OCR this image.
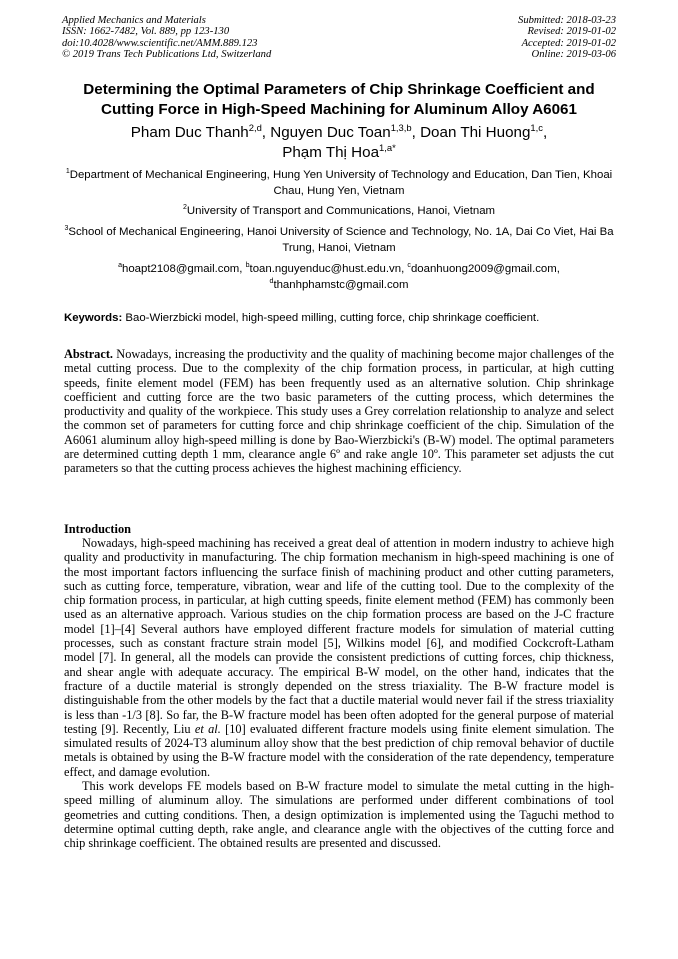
Applied Mechanics and Materials
ISSN: 1662-7482, Vol. 889, pp 123-130
doi:10.4028/www.scientific.net/AMM.889.123
© 2019 Trans Tech Publications Ltd, Switzerland
Submitted: 2018-03-23
Revised: 2019-01-02
Accepted: 2019-01-02
Online: 2019-03-06
Determining the Optimal Parameters of Chip Shrinkage Coefficient and
Cutting Force in High-Speed Machining for Aluminum Alloy A6061
Pham Duc Thanh$^{2,d}$, Nguyen Duc Toan$^{1,3,b}$, Doan Thi Huong$^{1,c}$,
Phạm Thị Hoa$^{1,a*}$
$^1$Department of Mechanical Engineering, Hung Yen University of Technology and Education, Dan Tien, Khoai Chau, Hung Yen, Vietnam
$^2$University of Transport and Communications, Hanoi, Vietnam
$^3$School of Mechanical Engineering, Hanoi University of Science and Technology, No. 1A, Dai Co Viet, Hai Ba Trung, Hanoi, Vietnam
$^a$hoapt2108@gmail.com, $^b$toan.nguyenduc@hust.edu.vn, $^c$doanhuong2009@gmail.com,
$^d$thanhphamstc@gmail.com
Keywords: Bao-Wierzbicki model, high-speed milling, cutting force, chip shrinkage coefficient.
Abstract. Nowadays, increasing the productivity and the quality of machining become major challenges of the metal cutting process. Due to the complexity of the chip formation process, in particular, at high cutting speeds, finite element model (FEM) has been frequently used as an alternative solution. Chip shrinkage coefficient and cutting force are the two basic parameters of the cutting process, which determines the productivity and quality of the workpiece. This study uses a Grey correlation relationship to analyze and select the common set of parameters for cutting force and chip shrinkage coefficient of the chip. Simulation of the A6061 aluminum alloy high-speed milling is done by Bao-Wierzbicki's (B-W) model. The optimal parameters are determined cutting depth 1 mm, clearance angle 6º and rake angle 10º. This parameter set adjusts the cut parameters so that the cutting process achieves the highest machining efficiency.
Introduction

Nowadays, high-speed machining has received a great deal of attention in modern industry to achieve high quality and productivity in manufacturing. The chip formation mechanism in high-speed machining is one of the most important factors influencing the surface finish of machining product and other cutting parameters, such as cutting force, temperature, vibration, wear and life of the cutting tool. Due to the complexity of the chip formation process, in particular, at high cutting speeds, finite element method (FEM) has commonly been used as an alternative approach. Various studies on the chip formation process are based on the J-C fracture model [1]–[4] Several authors have employed different fracture models for simulation of material cutting processes, such as constant fracture strain model [5], Wilkins model [6], and modified Cockcroft-Latham model [7]. In general, all the models can provide the consistent predictions of cutting forces, chip thickness, and shear angle with adequate accuracy. The empirical B-W model, on the other hand, indicates that the fracture of a ductile material is strongly depended on the stress triaxiality. The B-W fracture model is distinguishable from the other models by the fact that a ductile material would never fail if the stress triaxiality is less than -1/3 [8]. So far, the B-W fracture model has been often adopted for the general purpose of material testing [9]. Recently, Liu et al. [10] evaluated different fracture models using finite element simulation. The simulated results of 2024-T3 aluminum alloy show that the best prediction of chip removal behavior of ductile metals is obtained by using the B-W fracture model with the consideration of the rate dependency, temperature effect, and damage evolution.

This work develops FE models based on B-W fracture model to simulate the metal cutting in the high-speed milling of aluminum alloy. The simulations are performed under different combinations of tool geometries and cutting conditions. Then, a design optimization is implemented using the Taguchi method to determine optimal cutting depth, rake angle, and clearance angle with the objectives of the cutting force and chip shrinkage coefficient. The obtained results are presented and discussed.
